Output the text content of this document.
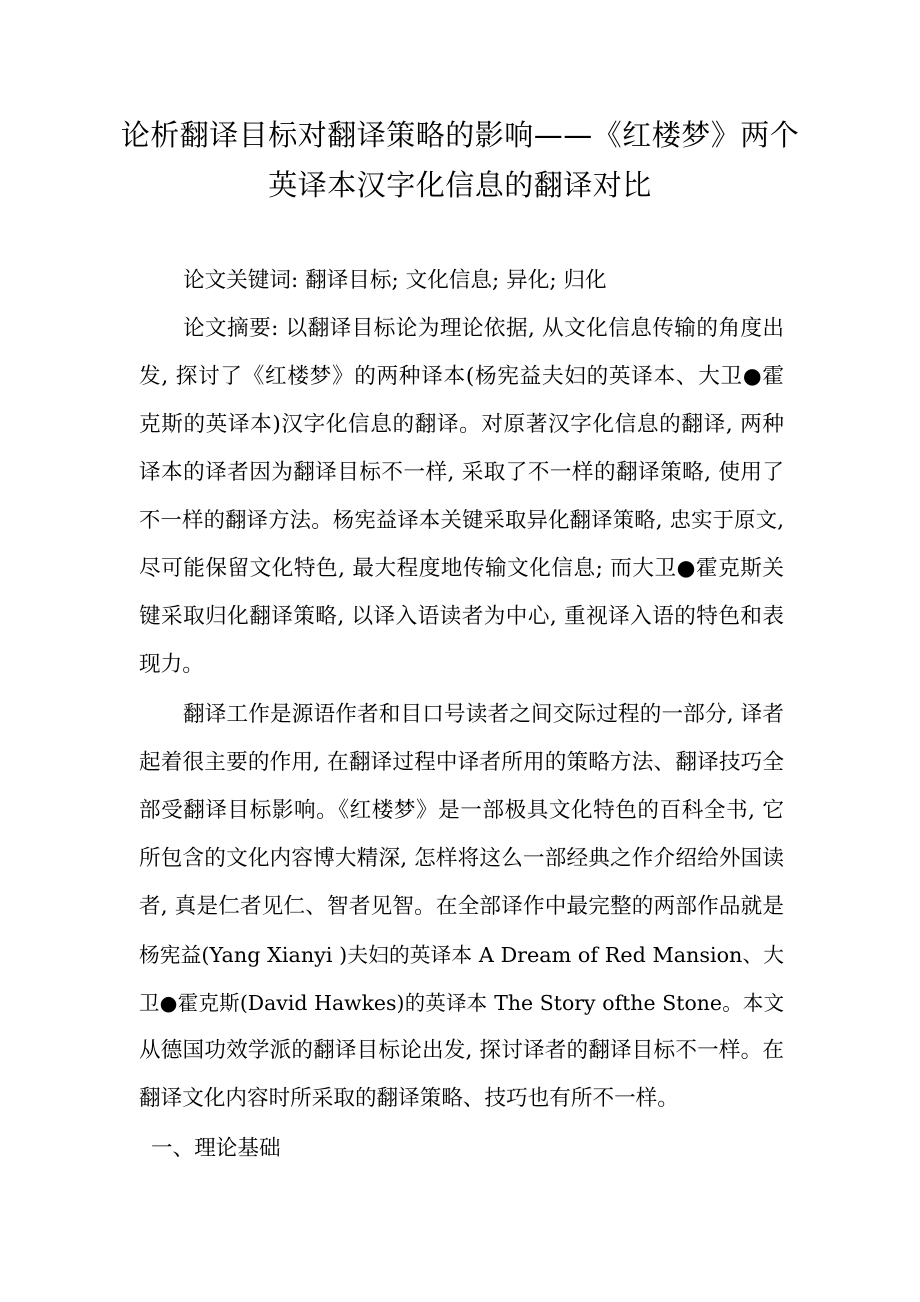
论析翻译目标对翻译策略的影响——《红楼梦》两个
英译本汉字化信息的翻译对比
论文关键词: 翻译目标; 文化信息; 异化; 归化
论文摘要: 以翻译目标论为理论依据, 从文化信息传输的角度出
发, 探讨了《红楼梦》的两种译本(杨宪益夫妇的英译本、大卫●霍
克斯的英译本)汉字化信息的翻译。对原著汉字化信息的翻译, 两种
译本的译者因为翻译目标不一样, 采取了不一样的翻译策略, 使用了
不一样的翻译方法。杨宪益译本关键采取异化翻译策略, 忠实于原文,
尽可能保留文化特色, 最大程度地传输文化信息; 而大卫●霍克斯关
键采取归化翻译策略, 以译入语读者为中心, 重视译入语的特色和表
现力。
翻译工作是源语作者和目口号读者之间交际过程的一部分, 译者
起着很主要的作用, 在翻译过程中译者所用的策略方法、翻译技巧全
部受翻译目标影响。《红楼梦》是一部极具文化特色的百科全书, 它
所包含的文化内容博大精深, 怎样将这么一部经典之作介绍给外国读
者, 真是仁者见仁、智者见智。在全部译作中最完整的两部作品就是
杨宪益(Yang Xianyi )夫妇的英译本 A Dream of Red Mansion、大
卫●霍克斯(David Hawkes)的英译本 The Story ofthe Stone。本文
从德国功效学派的翻译目标论出发, 探讨译者的翻译目标不一样。在
翻译文化内容时所采取的翻译策略、技巧也有所不一样。
一、理论基础
